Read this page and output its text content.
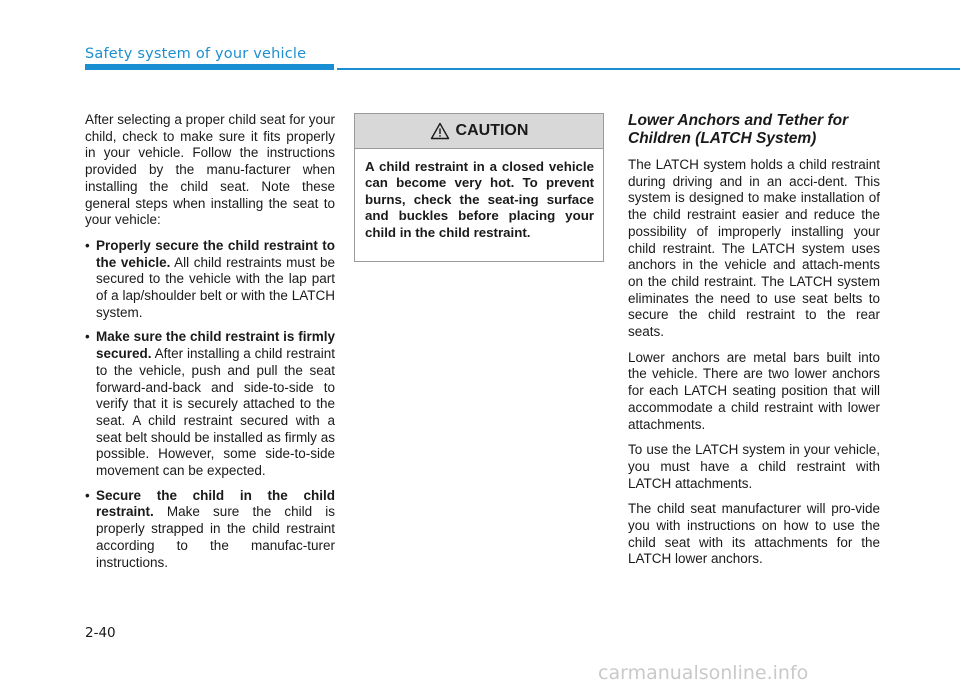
Safety system of your vehicle

After selecting a proper child seat for your child, check to make sure it fits properly in your vehicle. Follow the instructions provided by the manu-facturer when installing the child seat. Note these general steps when installing the seat to your vehicle:

• Properly secure the child restraint to the vehicle. All child restraints must be secured to the vehicle with the lap part of a lap/shoulder belt or with the LATCH system.
• Make sure the child restraint is firmly secured. After installing a child restraint to the vehicle, push and pull the seat forward-and-back and side-to-side to verify that it is securely attached to the seat. A child restraint secured with a seat belt should be installed as firmly as possible. However, some side-to-side movement can be expected.
• Secure the child in the child restraint. Make sure the child is properly strapped in the child restraint according to the manufac-turer instructions.
CAUTION
A child restraint in a closed vehicle can become very hot. To prevent burns, check the seat-ing surface and buckles before placing your child in the child restraint.
Lower Anchors and Tether for Children (LATCH System)

The LATCH system holds a child restraint during driving and in an acci-dent. This system is designed to make installation of the child restraint easier and reduce the possibility of improperly installing your child restraint. The LATCH system uses anchors in the vehicle and attach-ments on the child restraint. The LATCH system eliminates the need to use seat belts to secure the child restraint to the rear seats.

Lower anchors are metal bars built into the vehicle. There are two lower anchors for each LATCH seating position that will accommodate a child restraint with lower attachments.

To use the LATCH system in your vehicle, you must have a child restraint with LATCH attachments.

The child seat manufacturer will pro-vide you with instructions on how to use the child seat with its attachments for the LATCH lower anchors.

2-40
carmanualsonline.info
